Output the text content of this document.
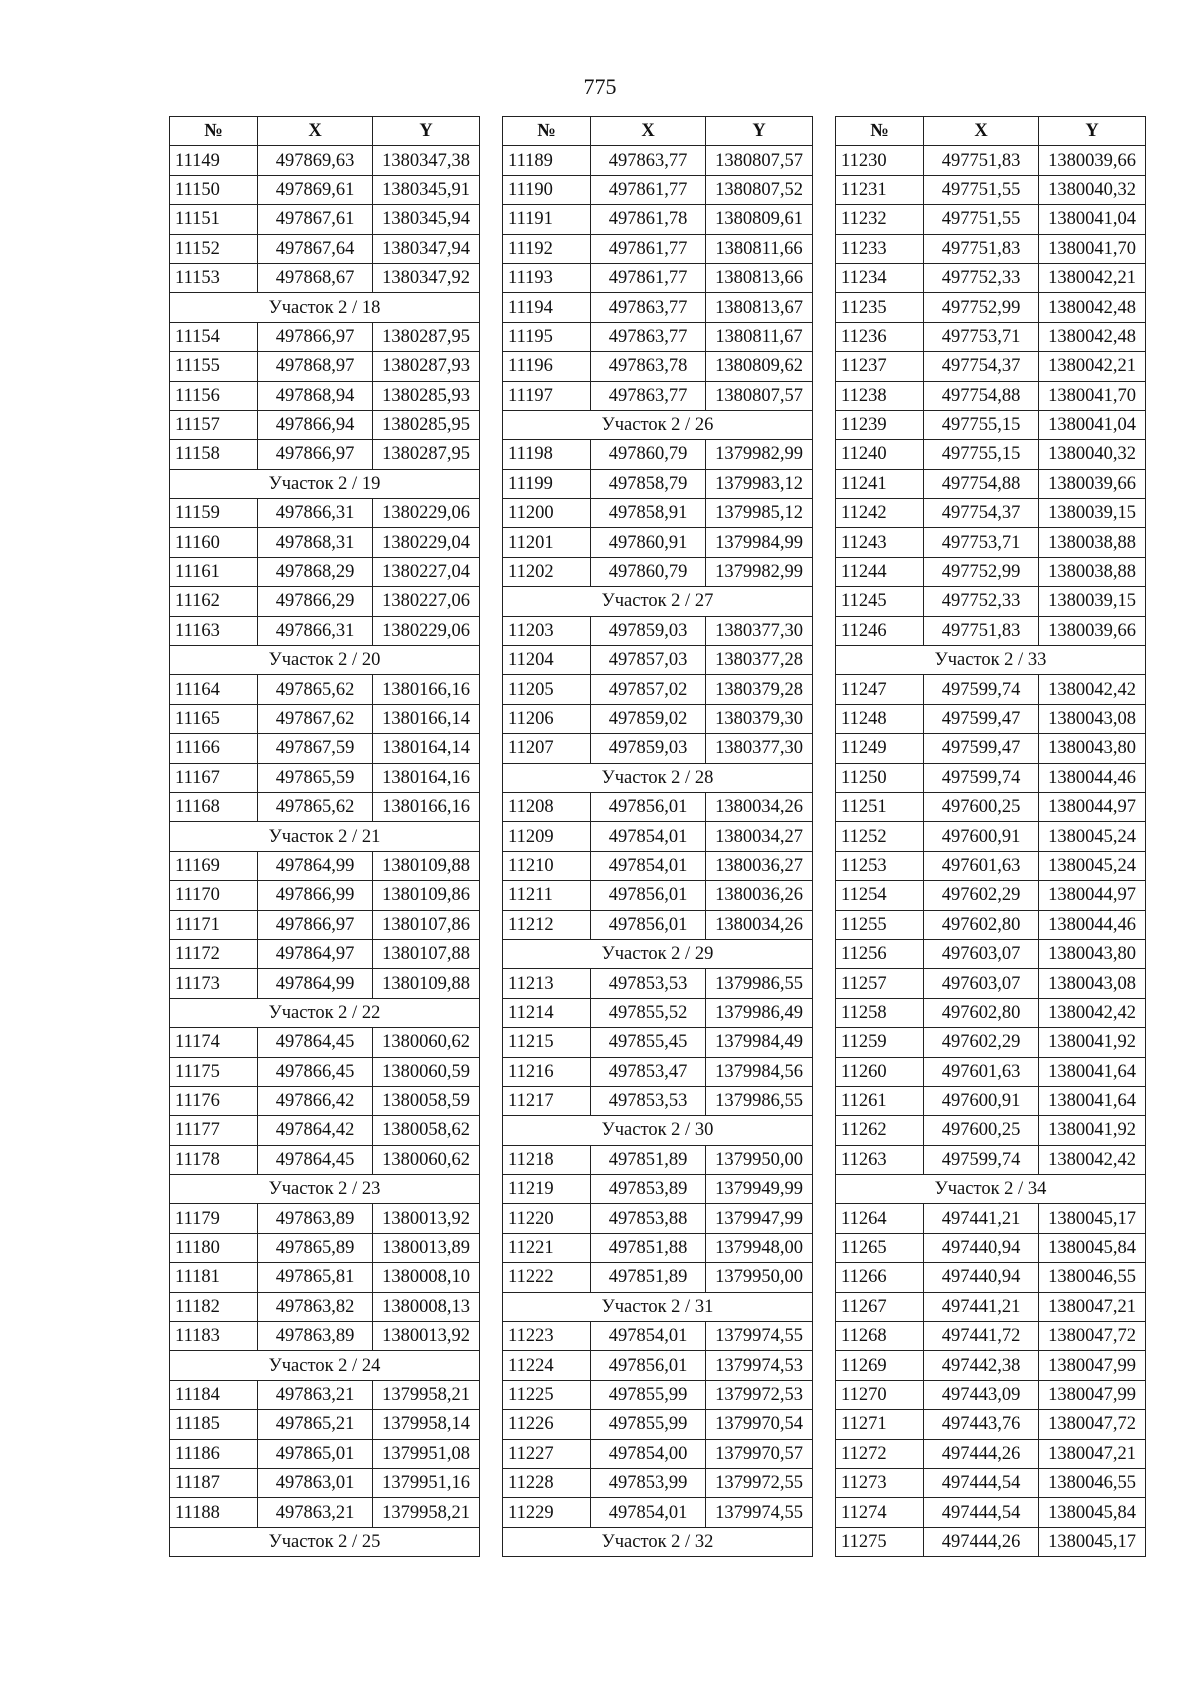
775
№	X	Y
11149	497869,63	1380347,38
11150	497869,61	1380345,91
11151	497867,61	1380345,94
11152	497867,64	1380347,94
11153	497868,67	1380347,92
Участок 2 / 18		
11154	497866,97	1380287,95
11155	497868,97	1380287,93
11156	497868,94	1380285,93
11157	497866,94	1380285,95
11158	497866,97	1380287,95
Участок 2 / 19		
11159	497866,31	1380229,06
11160	497868,31	1380229,04
11161	497868,29	1380227,04
11162	497866,29	1380227,06
11163	497866,31	1380229,06
Участок 2 / 20		
11164	497865,62	1380166,16
11165	497867,62	1380166,14
11166	497867,59	1380164,14
11167	497865,59	1380164,16
11168	497865,62	1380166,16
Участок 2 / 21		
11169	497864,99	1380109,88
11170	497866,99	1380109,86
11171	497866,97	1380107,86
11172	497864,97	1380107,88
11173	497864,99	1380109,88
Участок 2 / 22		
11174	497864,45	1380060,62
11175	497866,45	1380060,59
11176	497866,42	1380058,59
11177	497864,42	1380058,62
11178	497864,45	1380060,62
Участок 2 / 23		
11179	497863,89	1380013,92
11180	497865,89	1380013,89
11181	497865,81	1380008,10
11182	497863,82	1380008,13
11183	497863,89	1380013,92
Участок 2 / 24		
11184	497863,21	1379958,21
11185	497865,21	1379958,14
11186	497865,01	1379951,08
11187	497863,01	1379951,16
11188	497863,21	1379958,21
Участок 2 / 25		
№	X	Y
11189	497863,77	1380807,57
11190	497861,77	1380807,52
11191	497861,78	1380809,61
11192	497861,77	1380811,66
11193	497861,77	1380813,66
11194	497863,77	1380813,67
11195	497863,77	1380811,67
11196	497863,78	1380809,62
11197	497863,77	1380807,57
Участок 2 / 26		
11198	497860,79	1379982,99
11199	497858,79	1379983,12
11200	497858,91	1379985,12
11201	497860,91	1379984,99
11202	497860,79	1379982,99
Участок 2 / 27		
11203	497859,03	1380377,30
11204	497857,03	1380377,28
11205	497857,02	1380379,28
11206	497859,02	1380379,30
11207	497859,03	1380377,30
Участок 2 / 28		
11208	497856,01	1380034,26
11209	497854,01	1380034,27
11210	497854,01	1380036,27
11211	497856,01	1380036,26
11212	497856,01	1380034,26
Участок 2 / 29		
11213	497853,53	1379986,55
11214	497855,52	1379986,49
11215	497855,45	1379984,49
11216	497853,47	1379984,56
11217	497853,53	1379986,55
Участок 2 / 30		
11218	497851,89	1379950,00
11219	497853,89	1379949,99
11220	497853,88	1379947,99
11221	497851,88	1379948,00
11222	497851,89	1379950,00
Участок 2 / 31		
11223	497854,01	1379974,55
11224	497856,01	1379974,53
11225	497855,99	1379972,53
11226	497855,99	1379970,54
11227	497854,00	1379970,57
11228	497853,99	1379972,55
11229	497854,01	1379974,55
Участок 2 / 32		
№	X	Y
11230	497751,83	1380039,66
11231	497751,55	1380040,32
11232	497751,55	1380041,04
11233	497751,83	1380041,70
11234	497752,33	1380042,21
11235	497752,99	1380042,48
11236	497753,71	1380042,48
11237	497754,37	1380042,21
11238	497754,88	1380041,70
11239	497755,15	1380041,04
11240	497755,15	1380040,32
11241	497754,88	1380039,66
11242	497754,37	1380039,15
11243	497753,71	1380038,88
11244	497752,99	1380038,88
11245	497752,33	1380039,15
11246	497751,83	1380039,66
Участок 2 / 33		
11247	497599,74	1380042,42
11248	497599,47	1380043,08
11249	497599,47	1380043,80
11250	497599,74	1380044,46
11251	497600,25	1380044,97
11252	497600,91	1380045,24
11253	497601,63	1380045,24
11254	497602,29	1380044,97
11255	497602,80	1380044,46
11256	497603,07	1380043,80
11257	497603,07	1380043,08
11258	497602,80	1380042,42
11259	497602,29	1380041,92
11260	497601,63	1380041,64
11261	497600,91	1380041,64
11262	497600,25	1380041,92
11263	497599,74	1380042,42
Участок 2 / 34		
11264	497441,21	1380045,17
11265	497440,94	1380045,84
11266	497440,94	1380046,55
11267	497441,21	1380047,21
11268	497441,72	1380047,72
11269	497442,38	1380047,99
11270	497443,09	1380047,99
11271	497443,76	1380047,72
11272	497444,26	1380047,21
11273	497444,54	1380046,55
11274	497444,54	1380045,84
11275	497444,26	1380045,17
